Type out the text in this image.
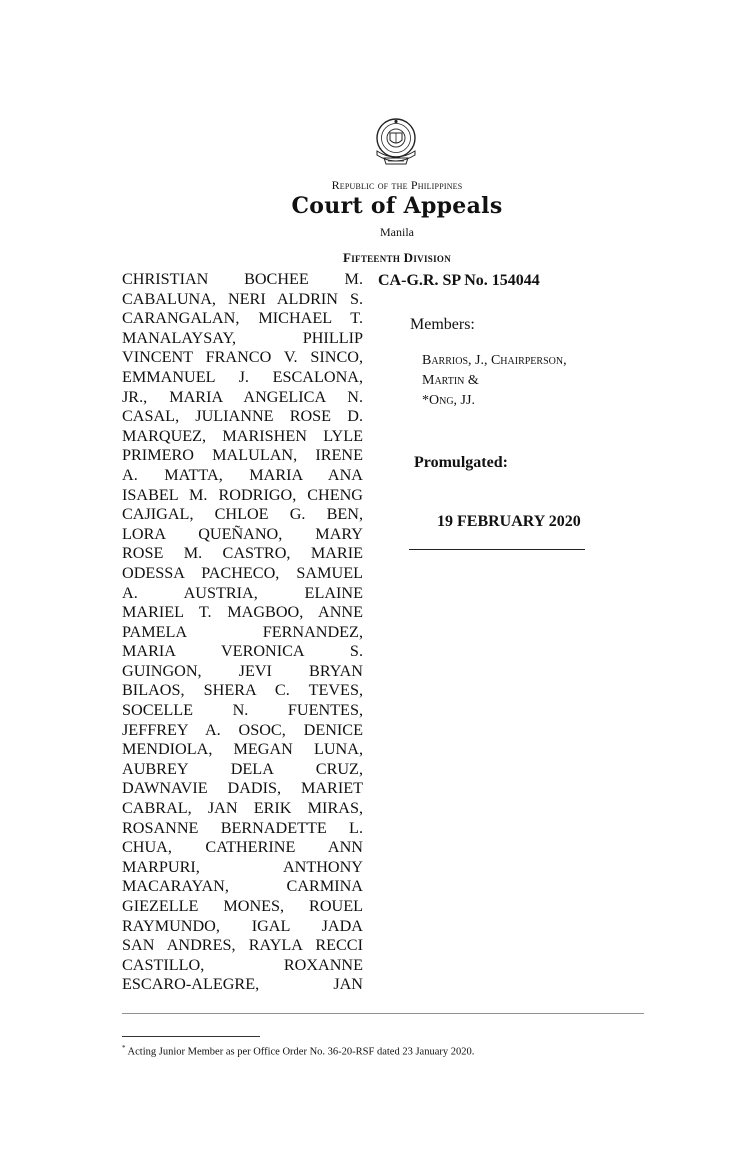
Republic of the Philippines
Court of Appeals
Manila
Fifteenth Division
CHRISTIAN BOCHEE M.
CABALUNA, NERI ALDRIN S.
CARANGALAN, MICHAEL T.
MANALAYSAY, PHILLIP
VINCENT FRANCO V. SINCO,
EMMANUEL J. ESCALONA,
JR., MARIA ANGELICA N.
CASAL, JULIANNE ROSE D.
MARQUEZ, MARISHEN LYLE
PRIMERO MALULAN, IRENE
A. MATTA, MARIA ANA
ISABEL M. RODRIGO, CHENG
CAJIGAL, CHLOE G. BEN,
LORA QUEÑANO, MARY
ROSE M. CASTRO, MARIE
ODESSA PACHECO, SAMUEL
A. AUSTRIA, ELAINE
MARIEL T. MAGBOO, ANNE
PAMELA FERNANDEZ,
MARIA VERONICA S.
GUINGON, JEVI BRYAN
BILAOS, SHERA C. TEVES,
SOCELLE N. FUENTES,
JEFFREY A. OSOC, DENICE
MENDIOLA, MEGAN LUNA,
AUBREY DELA CRUZ,
DAWNAVIE DADIS, MARIET
CABRAL, JAN ERIK MIRAS,
ROSANNE BERNADETTE L.
CHUA, CATHERINE ANN
MARPURI, ANTHONY
MACARAYAN, CARMINA
GIEZELLE MONES, ROUEL
RAYMUNDO, IGAL JADA
SAN ANDRES, RAYLA RECCI
CASTILLO, ROXANNE
ESCARO-ALEGRE, JAN
CA-G.R. SP No. 154044
Members:
Barrios, J., Chairperson,
Martin &
*Ong, JJ.
Promulgated:
19 FEBRUARY 2020
* Acting Junior Member as per Office Order No. 36-20-RSF dated 23 January 2020.
